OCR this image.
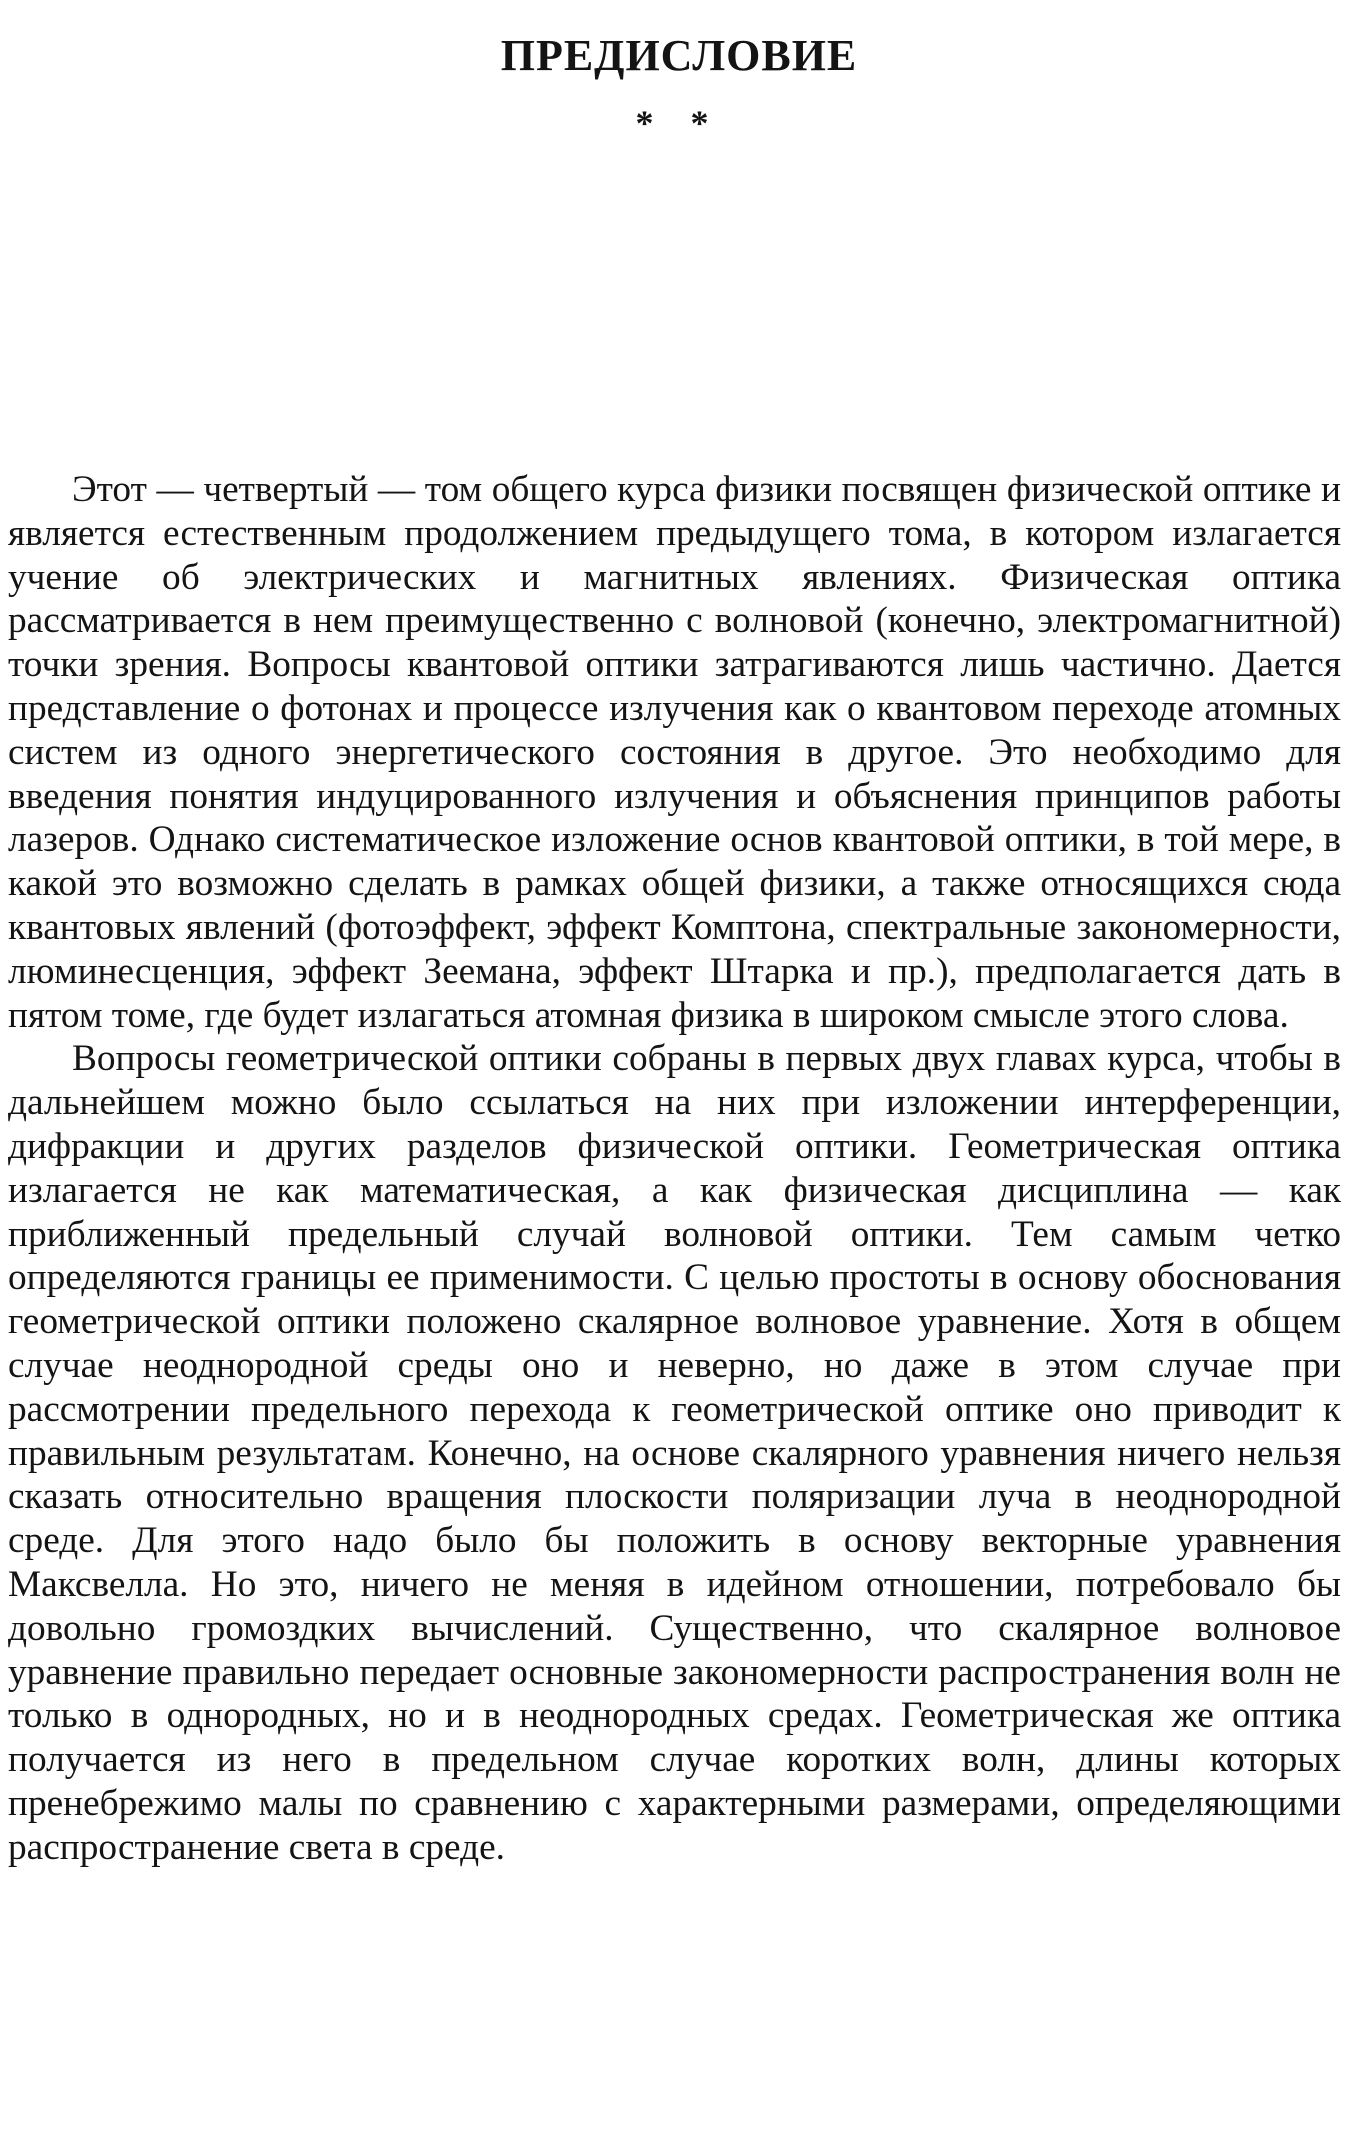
ПРЕДИСЛОВИЕ
* *

Этот — четвертый — том общего курса физики посвящен физической оптике и является естественным продолжением предыдущего тома, в котором излагается учение об электрических и магнитных явлениях. Физическая оптика рассматривается в нем преимущественно с волновой (конечно, электромагнитной) точки зрения. Вопросы квантовой оптики затрагиваются лишь частично. Дается представление о фотонах и процессе излучения как о квантовом переходе атомных систем из одного энергетического состояния в другое. Это необходимо для введения понятия индуцированного излучения и объяснения принципов работы лазеров. Однако систематическое изложение основ квантовой оптики, в той мере, в какой это возможно сделать в рамках общей физики, а также относящихся сюда квантовых явлений (фотоэффект, эффект Комптона, спектральные закономерности, люминесценция, эффект Зеемана, эффект Штарка и пр.), предполагается дать в пятом томе, где будет излагаться атомная физика в широком смысле этого слова.

Вопросы геометрической оптики собраны в первых двух главах курса, чтобы в дальнейшем можно было ссылаться на них при изложении интерференции, дифракции и других разделов физической оптики. Геометрическая оптика излагается не как математическая, а как физическая дисциплина — как приближенный предельный случай волновой оптики. Тем самым четко определяются границы ее применимости. С целью простоты в основу обоснования геометрической оптики положено скалярное волновое уравнение. Хотя в общем случае неоднородной среды оно и неверно, но даже в этом случае при рассмотрении предельного перехода к геометрической оптике оно приводит к правильным результатам. Конечно, на основе скалярного уравнения ничего нельзя сказать относительно вращения плоскости поляризации луча в неоднородной среде. Для этого надо было бы положить в основу векторные уравнения Максвелла. Но это, ничего не меняя в идейном отношении, потребовало бы довольно громоздких вычислений. Существенно, что скалярное волновое уравнение правильно передает основные закономерности распространения волн не только в однородных, но и в неоднородных средах. Геометрическая же оптика получается из него в предельном случае коротких волн, длины которых пренебрежимо малы по сравнению с характерными размерами, определяющими распространение света в среде.
